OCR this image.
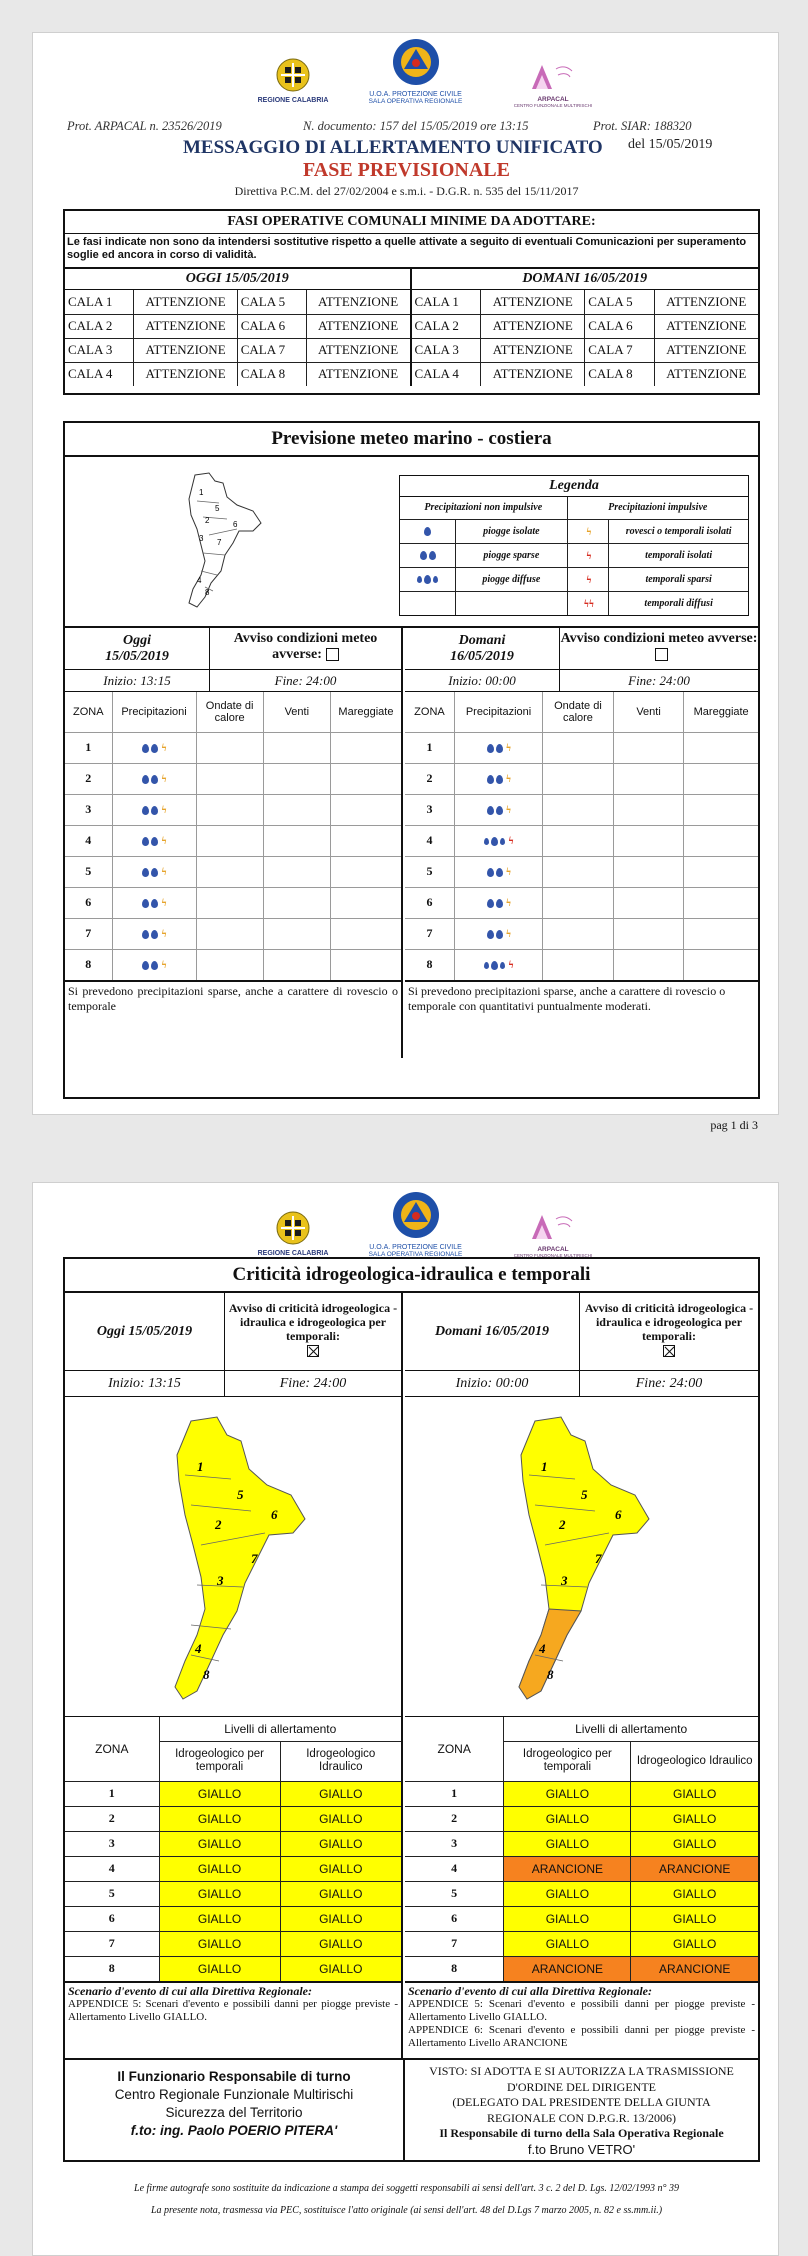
REGIONE CALABRIA
U.O.A. PROTEZIONE CIVILE
SALA OPERATIVA REGIONALE	ARPACAL
CENTRO FUNZIONALE MULTIRISCHI
Prot. ARPACAL n. 23526/2019	N. documento: 157 del 15/05/2019 ore 13:15	Prot. SIAR: 188320
MESSAGGIO DI ALLERTAMENTO UNIFICATO del 15/05/2019
FASE PREVISIONALE
Direttiva P.C.M. del 27/02/2004 e s.m.i. - D.G.R. n. 535 del 15/11/2017
FASI OPERATIVE COMUNALI MINIME DA ADOTTARE:
Le fasi indicate non sono da intendersi sostitutive rispetto a quelle attivate a seguito di eventuali Comunicazioni per superamento soglie ed ancora in corso di validità.
OGGI 15/05/2019
CALA 1	ATTENZIONE	CALA 5	ATTENZIONE
CALA 2	ATTENZIONE	CALA 6	ATTENZIONE
CALA 3	ATTENZIONE	CALA 7	ATTENZIONE
CALA 4	ATTENZIONE	CALA 8	ATTENZIONE
DOMANI 16/05/2019
CALA 1	ATTENZIONE	CALA 5	ATTENZIONE
CALA 2	ATTENZIONE	CALA 6	ATTENZIONE
CALA 3	ATTENZIONE	CALA 7	ATTENZIONE
CALA 4	ATTENZIONE	CALA 8	ATTENZIONE
Previsione meteo marino - costiera
1
5
2	6
3 7
4
8
Legenda
Precipitazioni non impulsive		Precipitazioni impulsive	
	piogge isolate	ϟ	rovesci o temporali isolati
	piogge sparse	ϟ	temporali isolati
	piogge diffuse	ϟ	temporali sparsi
		ϟϟ	temporali diffusi
Oggi
15/05/2019
Avviso condizioni meteo avverse:
Inizio: 13:15	Fine: 24:00
ZONA	Precipitazioni	Ondate di calore	Venti	Mareggiate
1	ϟ			
2	ϟ			
3	ϟ			
4	ϟ			
5	ϟ			
6	ϟ			
7	ϟ			
8	ϟ			
Si prevedono precipitazioni sparse, anche a carattere di rovescio o temporale
Domani
16/05/2019
Avviso condizioni meteo avverse:
Inizio: 00:00	Fine: 24:00
ZONA	Precipitazioni	Ondate di calore	Venti	Mareggiate
1	ϟ			
2	ϟ			
3	ϟ			
4	ϟ			
5	ϟ			
6	ϟ			
7	ϟ			
8	ϟ			
Si prevedono precipitazioni sparse, anche a carattere di rovescio o temporale con quantitativi puntualmente moderati.
pag 1 di 3
REGIONE CALABRIA
U.O.A. PROTEZIONE CIVILE
SALA OPERATIVA REGIONALE
ARPACAL
CENTRO FUNZIONALE MULTIRISCHI
Criticità idrogeologica-idraulica e temporali
Oggi 15/05/2019
Avviso di criticità idrogeologica - idraulica e idrogeologica per temporali:
Inizio: 13:15	Fine: 24:00
1
5
2
6
7
3
4
8
ZONA	Livelli di allertamento	
	Idrogeologico per temporali	Idrogeologico Idraulico
1	GIALLO	GIALLO
2	GIALLO	GIALLO
3	GIALLO	GIALLO
4	GIALLO	GIALLO
5	GIALLO	GIALLO
6	GIALLO	GIALLO
7	GIALLO	GIALLO
8	GIALLO	GIALLO
Scenario d'evento di cui alla Direttiva Regionale:
APPENDICE 5: Scenari d'evento e possibili danni per piogge previste - Allertamento Livello GIALLO.
Domani 16/05/2019
Avviso di criticità idrogeologica - idraulica e idrogeologica per temporali:
Inizio: 00:00	Fine: 24:00
1
5
2
6
7
3
4
8
ZONA	Livelli di allertamento	
	Idrogeologico per temporali	Idrogeologico Idraulico
1	GIALLO	GIALLO
2	GIALLO	GIALLO
3	GIALLO	GIALLO
4	ARANCIONE	ARANCIONE
5	GIALLO	GIALLO
6	GIALLO	GIALLO
7	GIALLO	GIALLO
8	ARANCIONE	ARANCIONE
Scenario d'evento di cui alla Direttiva Regionale:
APPENDICE 5: Scenari d'evento e possibili danni per piogge previste - Allertamento Livello GIALLO.
APPENDICE 6: Scenari d'evento e possibili danni per piogge previste - Allertamento Livello ARANCIONE
Il Funzionario Responsabile di turno
Centro Regionale Funzionale Multirischi
Sicurezza del Territorio
f.to: ing. Paolo POERIO PITERA'
VISTO: SI ADOTTA E SI AUTORIZZA LA TRASMISSIONE
D'ORDINE DEL DIRIGENTE
(DELEGATO DAL PRESIDENTE DELLA GIUNTA
REGIONALE CON D.P.G.R. 13/2006)
Il Responsabile di turno della Sala Operativa Regionale
f.to Bruno VETRO'
Le firme autografe sono sostituite da indicazione a stampa dei soggetti responsabili ai sensi dell'art. 3 c. 2 del D. Lgs. 12/02/1993 n° 39
La presente nota, trasmessa via PEC, sostituisce l'atto originale (ai sensi dell'art. 48 del D.Lgs 7 marzo 2005, n. 82 e ss.mm.ii.)
